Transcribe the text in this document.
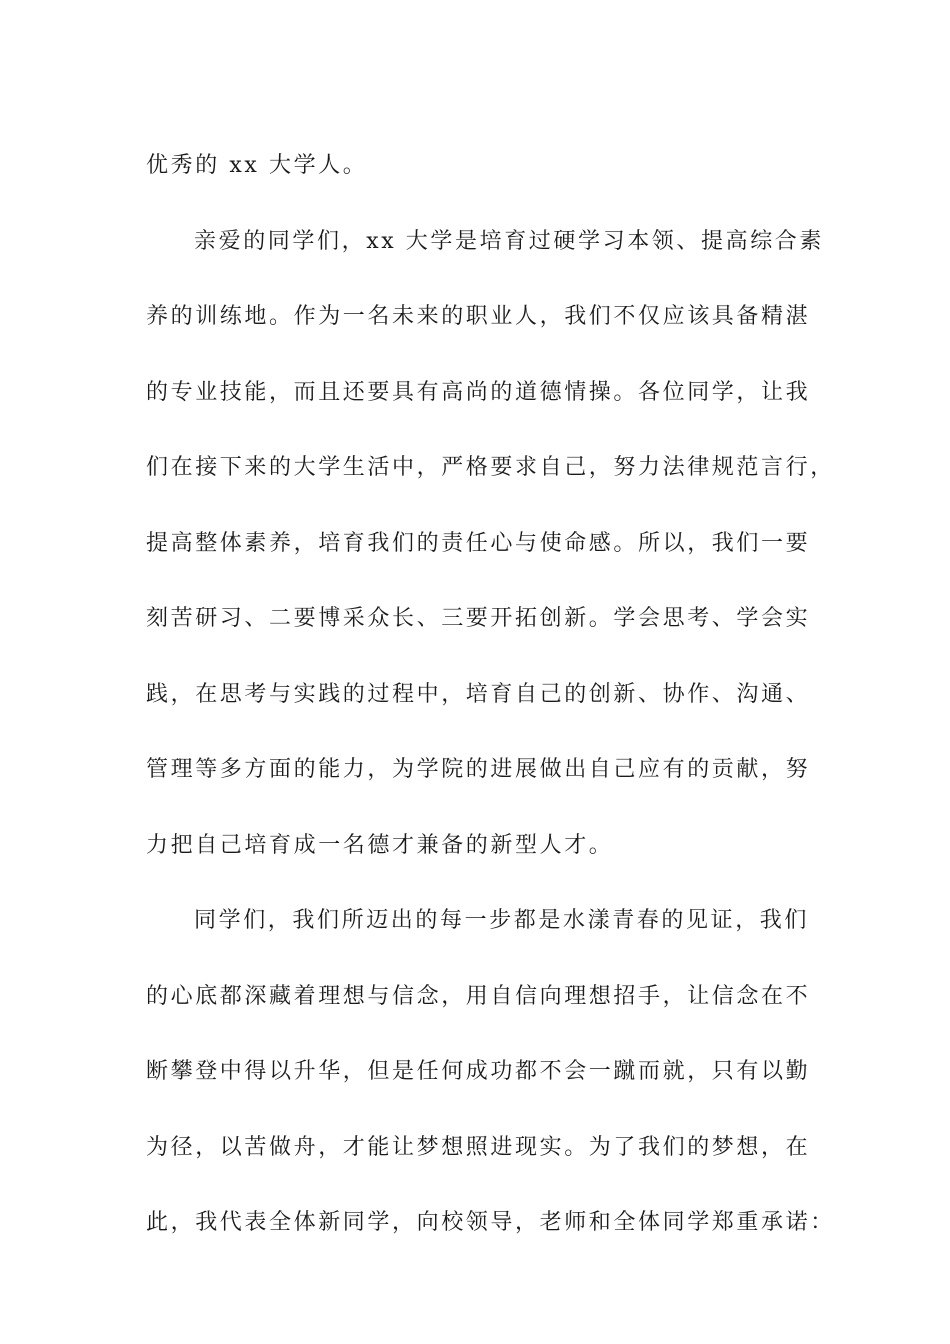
优秀的 xx 大学人。
亲爱的同学们，xx 大学是培育过硬学习本领、提高综合素
养的训练地。作为一名未来的职业人，我们不仅应该具备精湛
的专业技能，而且还要具有高尚的道德情操。各位同学，让我
们在接下来的大学生活中，严格要求自己，努力法律规范言行，
提高整体素养，培育我们的责任心与使命感。所以，我们一要
刻苦研习、二要博采众长、三要开拓创新。学会思考、学会实
践，在思考与实践的过程中，培育自己的创新、协作、沟通、
管理等多方面的能力，为学院的进展做出自己应有的贡献，努
力把自己培育成一名德才兼备的新型人才。
同学们，我们所迈出的每一步都是水漾青春的见证，我们
的心底都深藏着理想与信念，用自信向理想招手，让信念在不
断攀登中得以升华，但是任何成功都不会一蹴而就，只有以勤
为径，以苦做舟，才能让梦想照进现实。为了我们的梦想，在
此，我代表全体新同学，向校领导，老师和全体同学郑重承诺：
